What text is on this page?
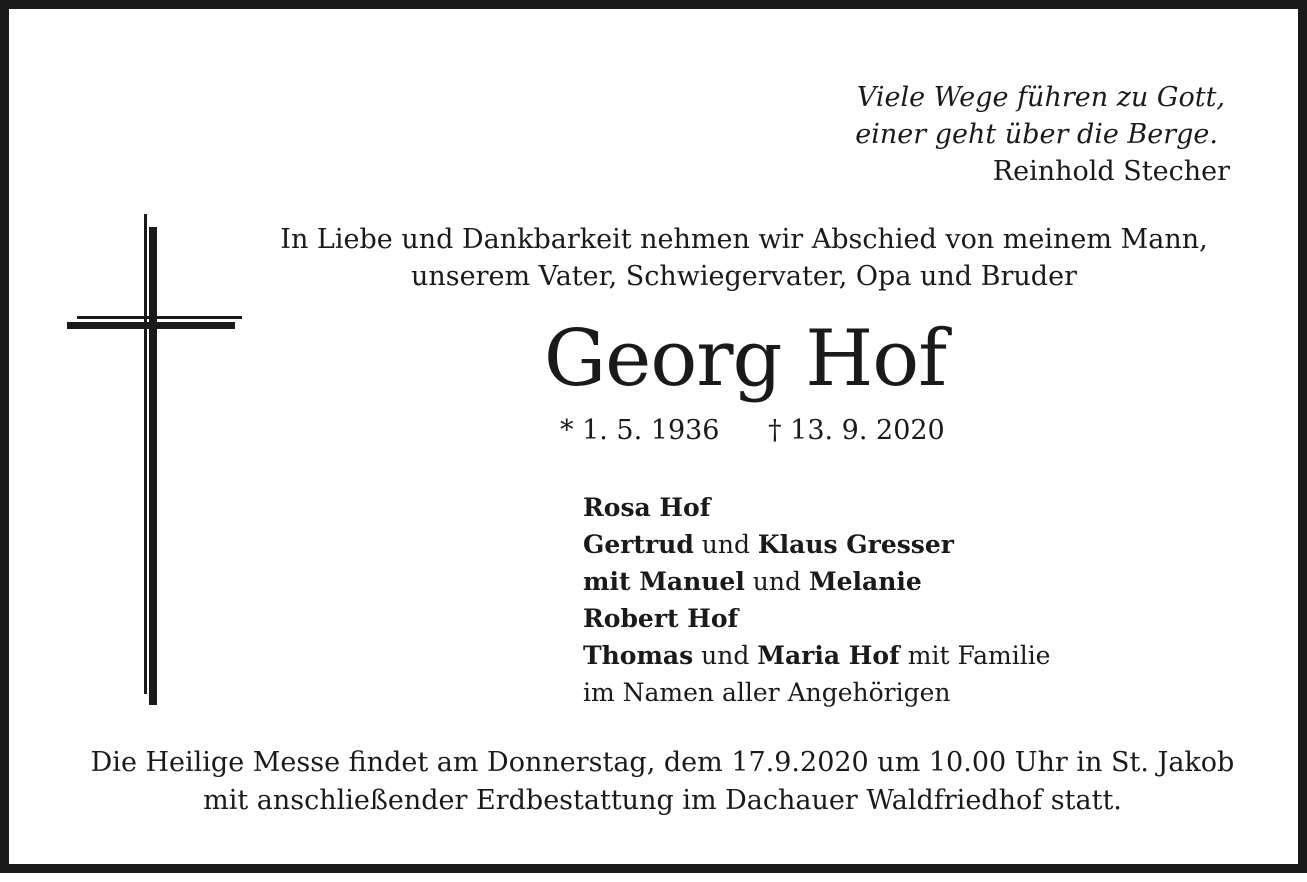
Viele Wege führen zu Gott,
einer geht über die Berge.
Reinhold Stecher
In Liebe und Dankbarkeit nehmen wir Abschied von meinem Mann,
unserem Vater, Schwiegervater, Opa und Bruder
Georg Hof
* 1. 5. 1936 † 13. 9. 2020
Rosa Hof
Gertrud und Klaus Gresser
mit Manuel und Melanie
Robert Hof
Thomas und Maria Hof mit Familie
im Namen aller Angehörigen
Die Heilige Messe findet am Donnerstag, dem 17.9.2020 um 10.00 Uhr in St. Jakob
mit anschließender Erdbestattung im Dachauer Waldfriedhof statt.
